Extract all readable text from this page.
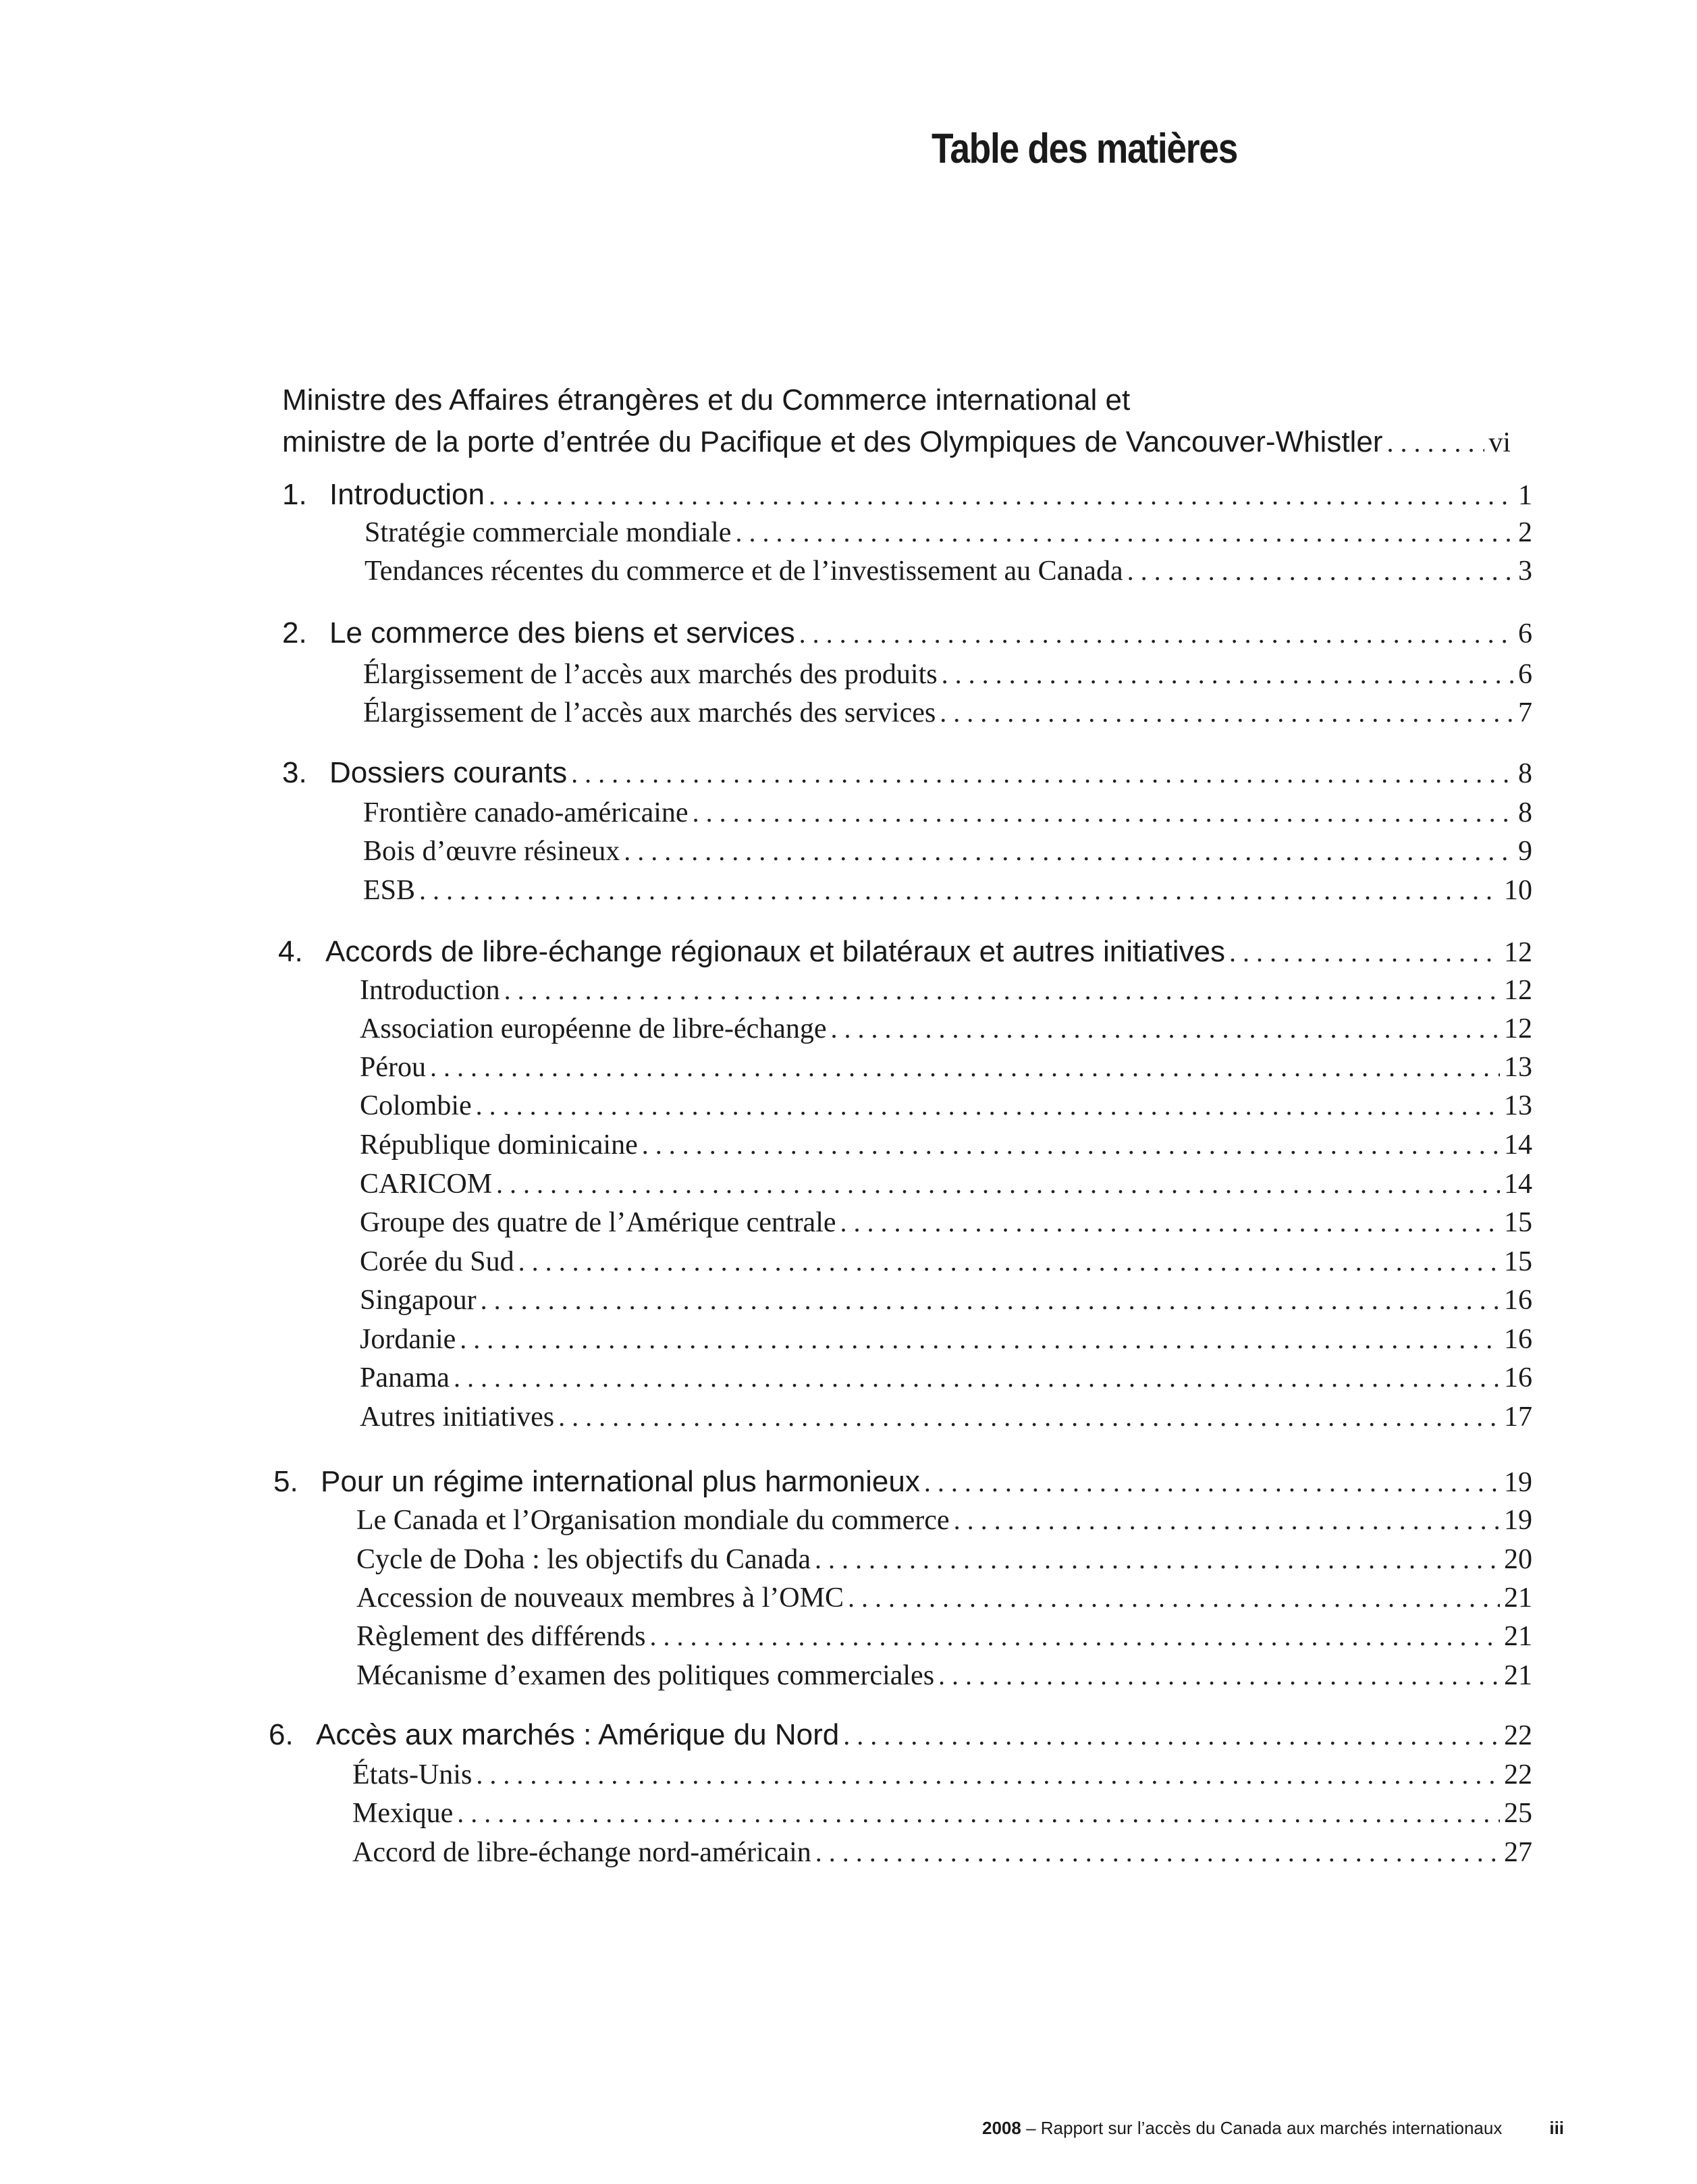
Table des matières
Ministre des Affaires étrangères et du Commerce international et
ministre de la porte d’entrée du Pacifique et des Olympiques de Vancouver-Whistler . . .	vi
1. Introduction . . .	1
Stratégie commerciale mondiale . . .	2
Tendances récentes du commerce et de l’investissement au Canada . . .	3
2. Le commerce des biens et services . . .	6
Élargissement de l’accès aux marchés des produits . . .	6
Élargissement de l’accès aux marchés des services . . .	7
3. Dossiers courants . . .	8
Frontière canado-américaine . . .	8
Bois d’œuvre résineux . . .	9
ESB . . .	10
4. Accords de libre-échange régionaux et bilatéraux et autres initiatives . . .	12
Introduction . . .	12
Association européenne de libre-échange . . .	12
Pérou . . .	13
Colombie . . .	13
République dominicaine . . .	14
CARICOM . . .	14
Groupe des quatre de l’Amérique centrale . . .	15
Corée du Sud . . .	15
Singapour . . .	16
Jordanie . . .	16
Panama . . .	16
Autres initiatives . . .	17
5. Pour un régime international plus harmonieux . . .	19
Le Canada et l’Organisation mondiale du commerce . . .	19
Cycle de Doha : les objectifs du Canada . . .	20
Accession de nouveaux membres à l’OMC . . .	21
Règlement des différends . . .	21
Mécanisme d’examen des politiques commerciales . . .	21
6. Accès aux marchés : Amérique du Nord . . .	22
États-Unis . . .	22
Mexique . . .	25
Accord de libre-échange nord-américain . . .	27
2008 – Rapport sur l’accès du Canada aux marchés internationaux	iii
